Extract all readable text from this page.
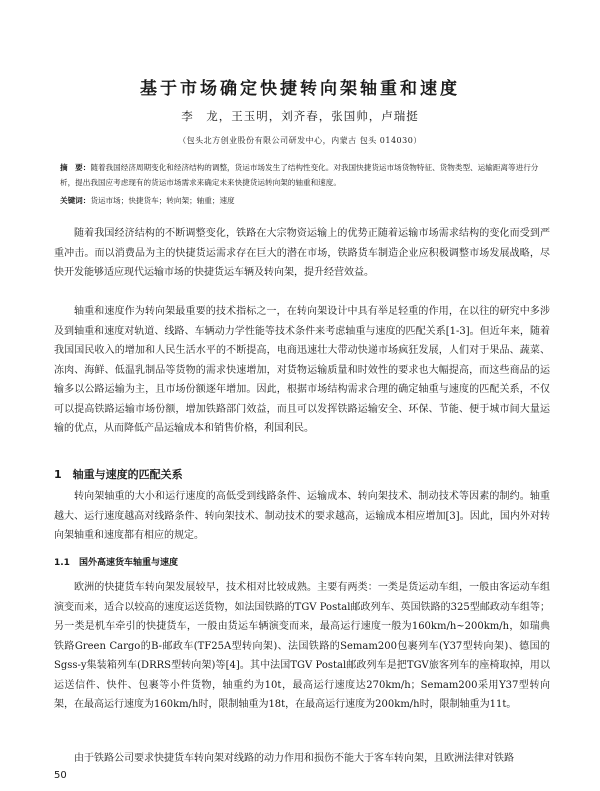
基于市场确定快捷转向架轴重和速度
李　龙，王玉明，刘齐春，张国帅，卢瑞挺
（包头北方创业股份有限公司研发中心，内蒙古 包头 014030）
摘　要：随着我国经济周期变化和经济结构的调整，货运市场发生了结构性变化。对我国快捷货运市场货物特征、货物类型、运输距离等进行分析，提出我国应考虑现有的货运市场需求来确定未来快捷货运转向架的轴重和速度。
关键词：货运市场；快捷货车；转向架；轴重；速度

随着我国经济结构的不断调整变化，铁路在大宗物资运输上的优势正随着运输市场需求结构的变化而受到严重冲击。而以消费品为主的快捷货运需求存在巨大的潜在市场，铁路货车制造企业应积极调整市场发展战略，尽快开发能够适应现代运输市场的快捷货运车辆及转向架，提升经营效益。

轴重和速度作为转向架最重要的技术指标之一，在转向架设计中具有举足轻重的作用，在以往的研究中多涉及到轴重和速度对轨道、线路、车辆动力学性能等技术条件来考虑轴重与速度的匹配关系[1-3]。但近年来，随着我国国民收入的增加和人民生活水平的不断提高，电商迅速壮大带动快递市场疯狂发展，人们对于果品、蔬菜、冻肉、海鲜、低温乳制品等货物的需求快速增加，对货物运输质量和时效性的要求也大幅提高，而这些商品的运输多以公路运输为主，且市场份额逐年增加。因此，根据市场结构需求合理的确定轴重与速度的匹配关系，不仅可以提高铁路运输市场份额，增加铁路部门效益，而且可以发挥铁路运输安全、环保、节能、便于城市间大量运输的优点，从而降低产品运输成本和销售价格，利国利民。

1　轴重与速度的匹配关系

转向架轴重的大小和运行速度的高低受到线路条件、运输成本、转向架技术、制动技术等因素的制约。轴重越大、运行速度越高对线路条件、转向架技术、制动技术的要求越高，运输成本相应增加[3]。因此，国内外对转向架轴重和速度都有相应的规定。

1.1　国外高速货车轴重与速度

欧洲的快捷货车转向架发展较早，技术相对比较成熟。主要有两类：一类是货运动车组，一般由客运动车组演变而来，适合以较高的速度运送货物，如法国铁路的TGV Postal邮政列车、英国铁路的325型邮政动车组等；另一类是机车牵引的快捷货车，一般由货运车辆演变而来，最高运行速度一般为160km/h~200km/h，如瑞典铁路Green Cargo的B-邮政车(TF25A型转向架)、法国铁路的Semam200包裹列车(Y37型转向架)、德国的Sgss-y集装箱列车(DRRS型转向架)等[4]。其中法国TGV Postal邮政列车是把TGV旅客列车的座椅取掉，用以运送信件、快件、包裹等小件货物，轴重约为10t，最高运行速度达270km/h；Semam200采用Y37型转向架，在最高运行速度为160km/h时，限制轴重为18t，在最高运行速度为200km/h时，限制轴重为11t。

由于铁路公司要求快捷货车转向架对线路的动力作用和损伤不能大于客车转向架，且欧洲法律对铁路

50
